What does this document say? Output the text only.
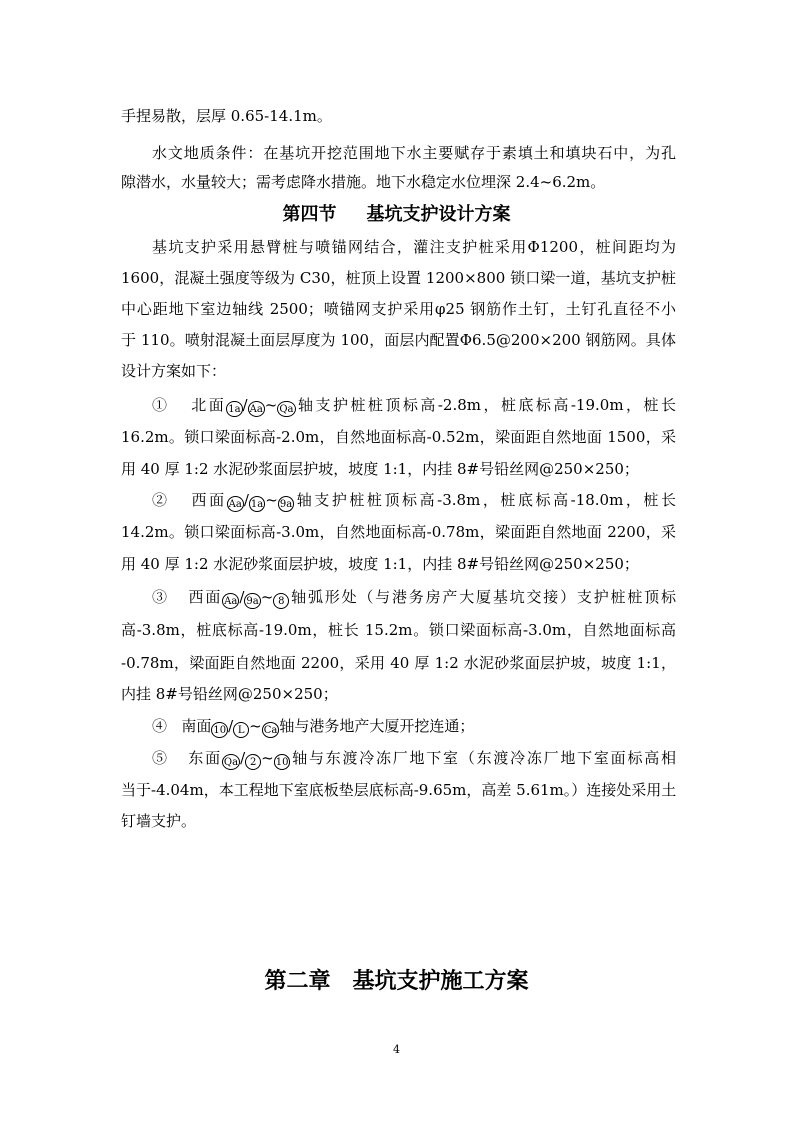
手捏易散，层厚 0.65-14.1m。
水文地质条件：在基坑开挖范围地下水主要赋存于素填土和填块石中，为孔
隙潜水，水量较大；需考虑降水措施。地下水稳定水位埋深 2.4~6.2m。
第四节 基坑支护设计方案
基坑支护采用悬臂桩与喷锚网结合，灌注支护桩采用Φ1200，桩间距均为
1600，混凝土强度等级为 C30，桩顶上设置 1200×800 锁口梁一道，基坑支护桩
中心距地下室边轴线 2500；喷锚网支护采用φ25 钢筋作土钉，土钉孔直径不小
于 110。喷射混凝土面层厚度为 100，面层内配置Φ6.5@200×200 钢筋网。具体
设计方案如下：
① 北面 1a / Aa ~ Qa 轴支护桩桩顶标高-2.8m，桩底标高-19.0m，桩长
16.2m。锁口梁面标高-2.0m，自然地面标高-0.52m，梁面距自然地面 1500，采
用 40 厚 1:2 水泥砂浆面层护坡，坡度 1:1，内挂 8#号铅丝网@250×250；
② 西面 Aa / 1a ~ 9a 轴支护桩桩顶标高-3.8m，桩底标高-18.0m，桩长
14.2m。锁口梁面标高-3.0m，自然地面标高-0.78m，梁面距自然地面 2200，采
用 40 厚 1:2 水泥砂浆面层护坡，坡度 1:1，内挂 8#号铅丝网@250×250；
③ 西面 Aa / 9a ~ 8 轴弧形处（与港务房产大厦基坑交接）支护桩桩顶标
高-3.8m，桩底标高-19.0m，桩长 15.2m。锁口梁面标高-3.0m，自然地面标高
-0.78m，梁面距自然地面 2200，采用 40 厚 1:2 水泥砂浆面层护坡，坡度 1:1，
内挂 8#号铅丝网@250×250；
④ 南面 10 / L ~ Ca 轴与港务地产大厦开挖连通；
⑤ 东面 Qa / 2 ~ 10 轴与东渡冷冻厂地下室（东渡冷冻厂地下室面标高相
当于-4.04m，本工程地下室底板垫层底标高-9.65m，高差 5.61m。）连接处采用土
钉墙支护。
第二章 基坑支护施工方案
4
